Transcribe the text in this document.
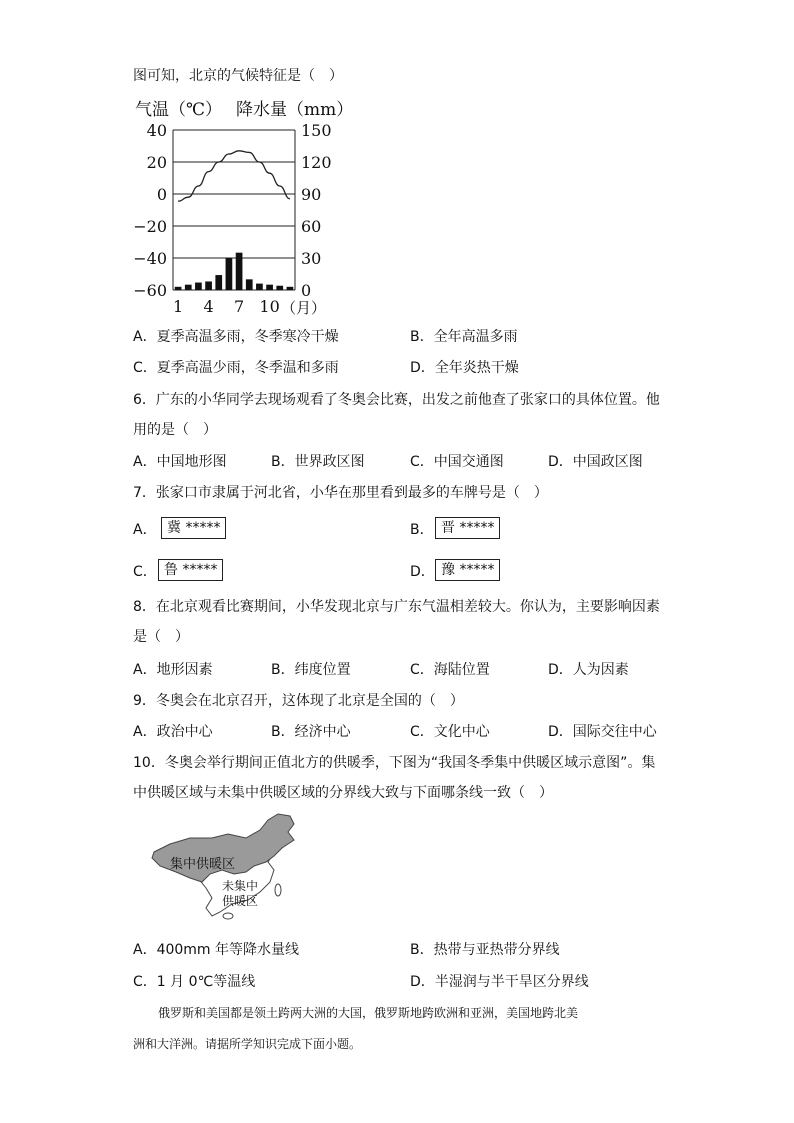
图可知，北京的气候特征是（　）
气温（℃） 降水量（mm）
40
20
0
−20
−40
−60
150
120
90
60
30
0
1 4 7 10 （月）
A．夏季高温多雨，冬季寒冷干燥	B．全年高温多雨
C．夏季高温少雨，冬季温和多雨	D．全年炎热干燥
6．广东的小华同学去现场观看了冬奥会比赛，出发之前他查了张家口的具体位置。他
用的是（　）
A．中国地形图	B．世界政区图	C．中国交通图	D．中国政区图
7．张家口市隶属于河北省，小华在那里看到最多的车牌号是（　）
A． 冀 *****	B． 晋 *****
C． 鲁 *****	D． 豫 *****
8．在北京观看比赛期间，小华发现北京与广东气温相差较大。你认为，主要影响因素
是（　）
A．地形因素	B．纬度位置	C．海陆位置	D．人为因素
9．冬奥会在北京召开，这体现了北京是全国的（　）
A．政治中心	B．经济中心	C．文化中心	D．国际交往中心
10．冬奥会举行期间正值北方的供暖季，下图为“我国冬季集中供暖区域示意图”。集
中供暖区域与未集中供暖区域的分界线大致与下面哪条线一致（　）
集中供暖区
未集中
供暖区
A．400mm 年等降水量线	B．热带与亚热带分界线
C．1 月 0℃等温线	D．半湿润与半干旱区分界线
俄罗斯和美国都是领土跨两大洲的大国，俄罗斯地跨欧洲和亚洲，美国地跨北美
洲和大洋洲。请据所学知识完成下面小题。
